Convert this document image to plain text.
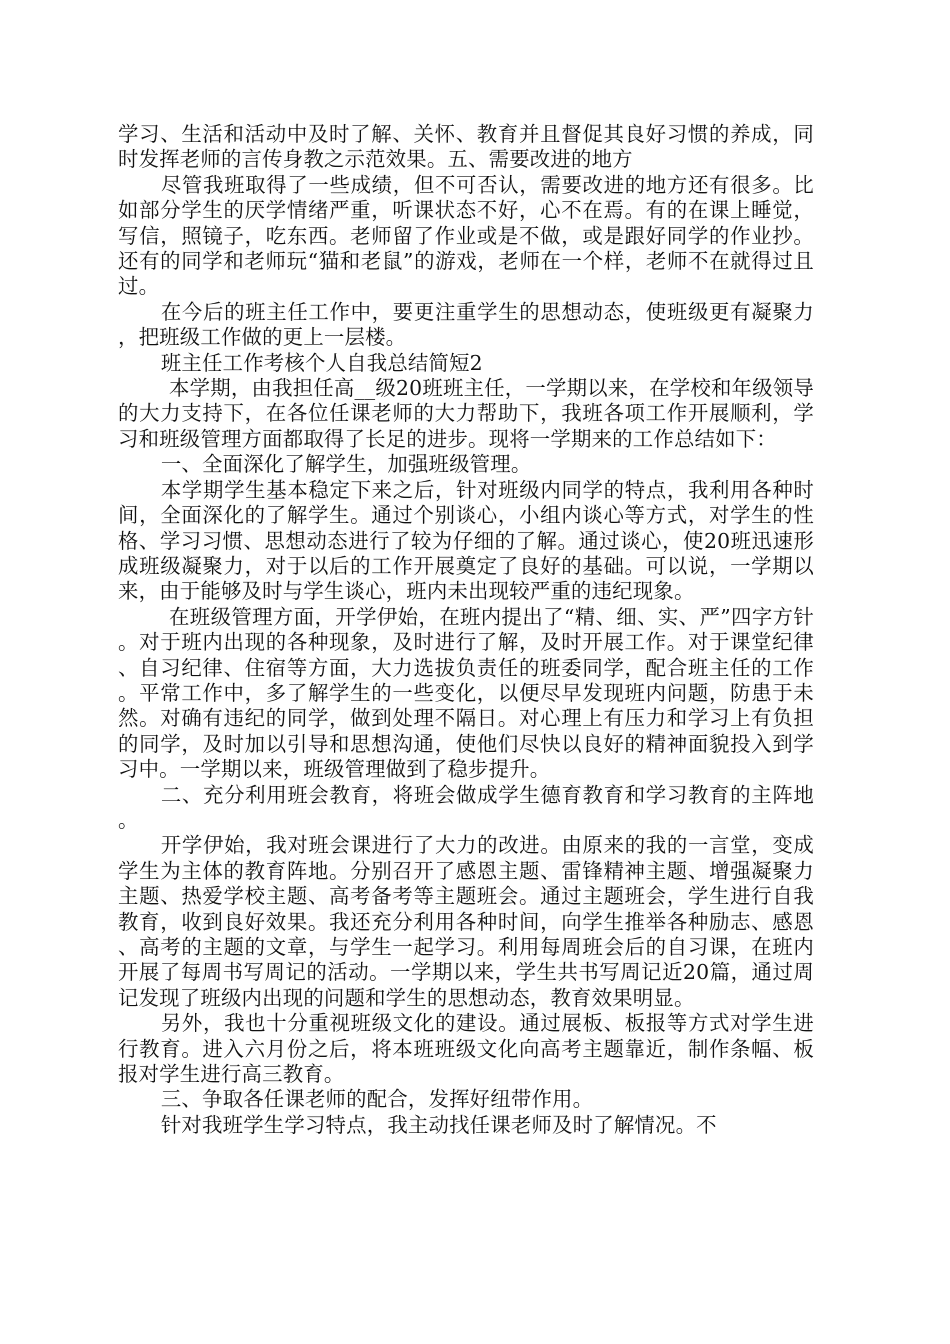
学习、生活和活动中及时了解、关怀、教育并且督促其良好习惯的养成，同时发挥老师的言传身教之示范效果。五、需要改进的地方

尽管我班取得了一些成绩，但不可否认，需要改进的地方还有很多。比如部分学生的厌学情绪严重，听课状态不好，心不在焉。有的在课上睡觉，写信，照镜子，吃东西。老师留了作业或是不做，或是跟好同学的作业抄。还有的同学和老师玩“猫和老鼠”的游戏，老师在一个样，老师不在就得过且过。

在今后的班主任工作中，要更注重学生的思想动态，使班级更有凝聚力，把班级工作做的更上一层楼。

班主任工作考核个人自我总结简短2

本学期，由我担任高__级20班班主任，一学期以来，在学校和年级领导的大力支持下，在各位任课老师的大力帮助下，我班各项工作开展顺利，学习和班级管理方面都取得了长足的进步。现将一学期来的工作总结如下：

一、全面深化了解学生，加强班级管理。

本学期学生基本稳定下来之后，针对班级内同学的特点，我利用各种时间，全面深化的了解学生。通过个别谈心，小组内谈心等方式，对学生的性格、学习习惯、思想动态进行了较为仔细的了解。通过谈心，使20班迅速形成班级凝聚力，对于以后的工作开展奠定了良好的基础。可以说，一学期以来，由于能够及时与学生谈心，班内未出现较严重的违纪现象。

在班级管理方面，开学伊始，在班内提出了“精、细、实、严”四字方针。对于班内出现的各种现象，及时进行了解，及时开展工作。对于课堂纪律、自习纪律、住宿等方面，大力选拔负责任的班委同学，配合班主任的工作。平常工作中，多了解学生的一些变化，以便尽早发现班内问题，防患于未然。对确有违纪的同学，做到处理不隔日。对心理上有压力和学习上有负担的同学，及时加以引导和思想沟通，使他们尽快以良好的精神面貌投入到学习中。一学期以来，班级管理做到了稳步提升。

二、充分利用班会教育，将班会做成学生德育教育和学习教育的主阵地。

开学伊始，我对班会课进行了大力的改进。由原来的我的一言堂，变成学生为主体的教育阵地。分别召开了感恩主题、雷锋精神主题、增强凝聚力主题、热爱学校主题、高考备考等主题班会。通过主题班会，学生进行自我教育，收到良好效果。我还充分利用各种时间，向学生推举各种励志、感恩、高考的主题的文章，与学生一起学习。利用每周班会后的自习课，在班内开展了每周书写周记的活动。一学期以来，学生共书写周记近20篇，通过周记发现了班级内出现的问题和学生的思想动态，教育效果明显。

另外，我也十分重视班级文化的建设。通过展板、板报等方式对学生进行教育。进入六月份之后，将本班班级文化向高考主题靠近，制作条幅、板报对学生进行高三教育。

三、争取各任课老师的配合，发挥好纽带作用。

针对我班学生学习特点，我主动找任课老师及时了解情况。不
